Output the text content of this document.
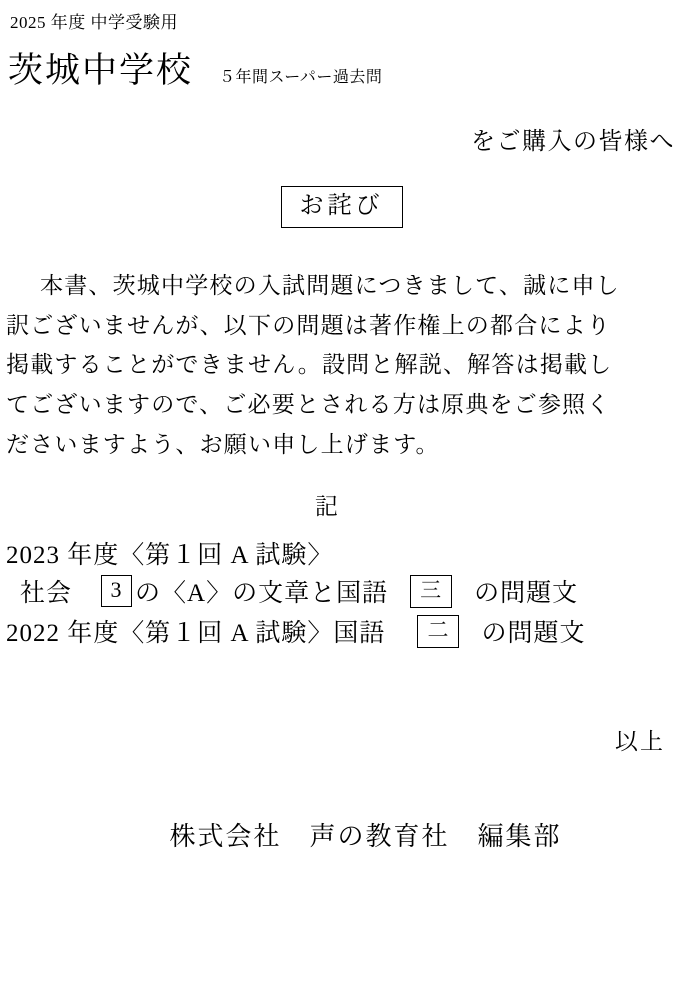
2025 年度 中学受験用
茨城中学校 ５年間スーパー過去問
をご購入の皆様へ
お詫び
本書、茨城中学校の入試問題につきまして、誠に申し
訳ございませんが、以下の問題は著作権上の都合により
掲載することができません。設問と解説、解答は掲載し
てございますので、ご必要とされる方は原典をご参照く
ださいますよう、お願い申し上げます。
記
2023 年度〈第１回 A 試験〉
社会	3 の〈A〉の文章と国語	三	の問題文
2022 年度〈第１回 A 試験〉国語	二	の問題文
以上
株式会社　声の教育社　編集部
